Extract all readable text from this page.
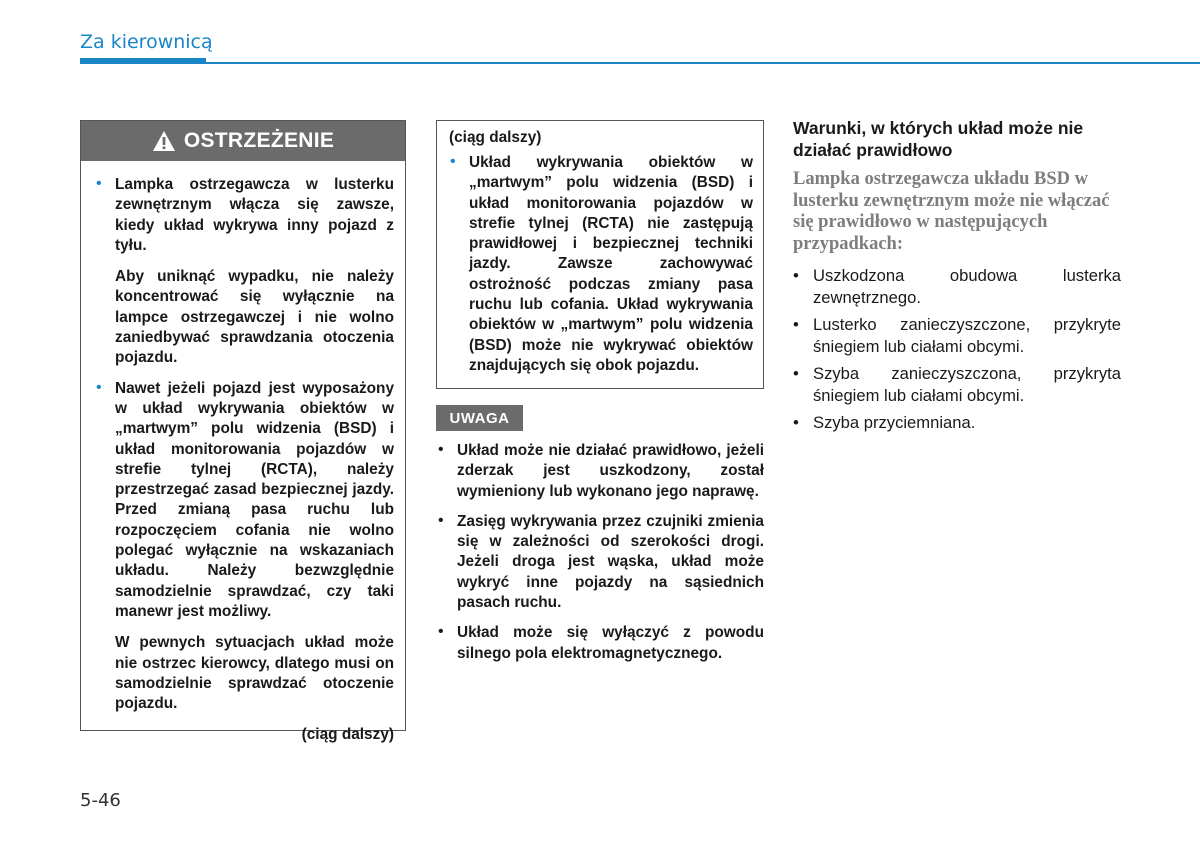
Za kierownicą
OSTRZEŻENIE

• Lampka ostrzegawcza w lusterku zewnętrznym włącza się zawsze, kiedy układ wykrywa inny pojazd z tyłu.

Aby uniknąć wypadku, nie należy koncentrować się wyłącznie na lampce ostrzegawczej i nie wolno zaniedbywać sprawdzania otoczenia pojazdu.

• Nawet jeżeli pojazd jest wyposażony w układ wykrywania obiektów w „martwym” polu widzenia (BSD) i układ monitorowania pojazdów w strefie tylnej (RCTA), należy przestrzegać zasad bezpiecznej jazdy. Przed zmianą pasa ruchu lub rozpoczęciem cofania nie wolno polegać wyłącznie na wskazaniach układu. Należy bezwzględnie samodzielnie sprawdzać, czy taki manewr jest możliwy.

W pewnych sytuacjach układ może nie ostrzec kierowcy, dlatego musi on samodzielnie sprawdzać otoczenie pojazdu.

(ciąg dalszy)
(ciąg dalszy)

• Układ wykrywania obiektów w „martwym” polu widzenia (BSD) i układ monitorowania pojazdów w strefie tylnej (RCTA) nie zastępują prawidłowej i bezpiecznej techniki jazdy. Zawsze zachowywać ostrożność podczas zmiany pasa ruchu lub cofania. Układ wykrywania obiektów w „martwym” polu widzenia (BSD) może nie wykrywać obiektów znajdujących się obok pojazdu.

UWAGA

• Układ może nie działać prawidłowo, jeżeli zderzak jest uszkodzony, został wymieniony lub wykonano jego naprawę.

• Zasięg wykrywania przez czujniki zmienia się w zależności od szerokości drogi. Jeżeli droga jest wąska, układ może wykryć inne pojazdy na sąsiednich pasach ruchu.

• Układ może się wyłączyć z powodu silnego pola elektromagnetycznego.

Warunki, w których układ może nie działać prawidłowo

Lampka ostrzegawcza układu BSD w lusterku zewnętrznym może nie włączać się prawidłowo w następujących przypadkach:

• Uszkodzona obudowa lusterka zewnętrznego.
• Lusterko zanieczyszczone, przykryte śniegiem lub ciałami obcymi.
• Szyba zanieczyszczona, przykryta śniegiem lub ciałami obcymi.
• Szyba przyciemniana.
5-46
